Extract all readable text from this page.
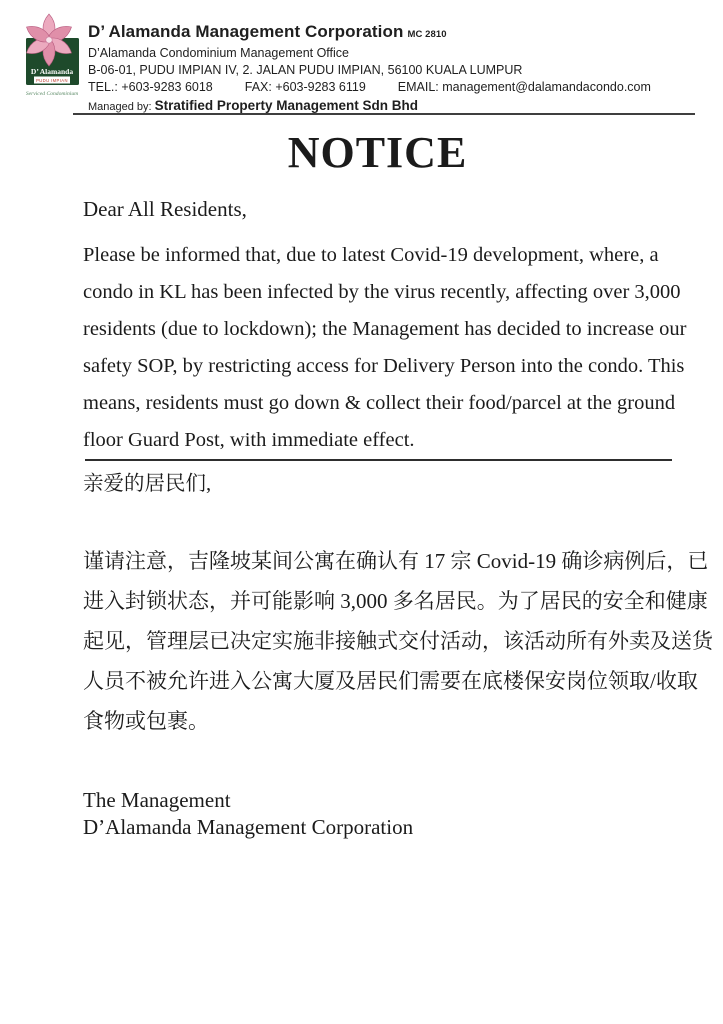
D’ Alamanda
PUDU IMPIAN
Serviced Condominium
D’ Alamanda Management Corporation MC 2810
D’Alamanda Condominium Management Office
B-06-01, PUDU IMPIAN IV, 2. JALAN PUDU IMPIAN, 56100 KUALA LUMPUR
TEL.: +603-9283 6018	FAX: +603-9283 6119	EMAIL: management@dalamandacondo.com
Managed by: Stratified Property Management Sdn Bhd
NOTICE
Dear All Residents,
Please be informed that, due to latest Covid-19 development, where, a
condo in KL has been infected by the virus recently, affecting over 3,000
residents (due to lockdown); the Management has decided to increase our
safety SOP, by restricting access for Delivery Person into the condo. This
means, residents must go down & collect their food/parcel at the ground
floor Guard Post, with immediate effect.
亲爱的居民们,
谨请注意，吉隆坡某间公寓在确认有 17 宗 Covid-19 确诊病例后，已
进入封锁状态，并可能影响 3,000 多名居民。为了居民的安全和健康
起见，管理层已决定实施非接触式交付活动，该活动所有外卖及送货
人员不被允许进入公寓大厦及居民们需要在底楼保安岗位领取/收取
食物或包裹。
The Management
D’Alamanda Management Corporation
